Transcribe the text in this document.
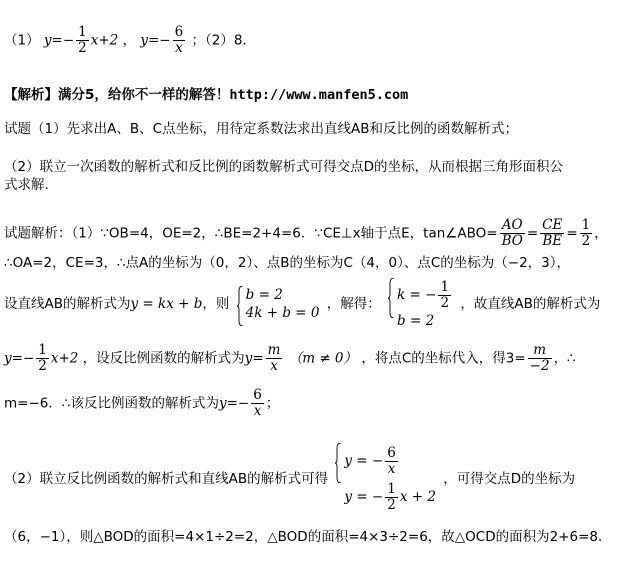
（1） $y=- \frac{1}{2} x+2$ ， $y=- \frac{6}{x}$ ；（2）8．
【解析】满分5，给你不一样的解答！http://www.manfen5.com
试题（1）先求出A、B、C点坐标，用待定系数法求出直线AB和反比例的函数解析式；
（2）联立一次函数的解析式和反比例的函数解析式可得交点D的坐标，从而根据三角形面积公
式求解．
试题解析：（1）∵OB=4，OE=2，∴BE=2+4=6．∵CE⊥x轴于点E，tan∠ABO= $\frac{AO}{BO} = \frac{CE}{BE} = \frac{1}{2}$ ，
∴OA=2，CE=3，∴点A的坐标为（0，2）、点B的坐标为C（4，0）、点C的坐标为（−2，3），
设直线AB的解析式为y = kx + b，则
b = 2
4k + b = 0
，解得：
k = − $\frac{1}{2}$
b = 2
，故直线AB的解析式为
$y=- \frac{1}{2} x+2$ ，设反比例函数的解析式为$y= \frac{m}{x} (m \ne 0)$ ，将点C的坐标代入，得$3= \frac{m}{-2}$ ，∴
m=−6．∴该反比例函数的解析式为$y=- \frac{6}{x}$ ；
（2）联立反比例函数的解析式和直线AB的解析式可得
y = − $\frac{6}{x}$
y = − $\frac{1}{2}$ x + 2
，可得交点D的坐标为
（6，−1），则△BOD的面积=4×1÷2=2，△BOD的面积=4×3÷2=6，故△OCD的面积为2+6=8．
